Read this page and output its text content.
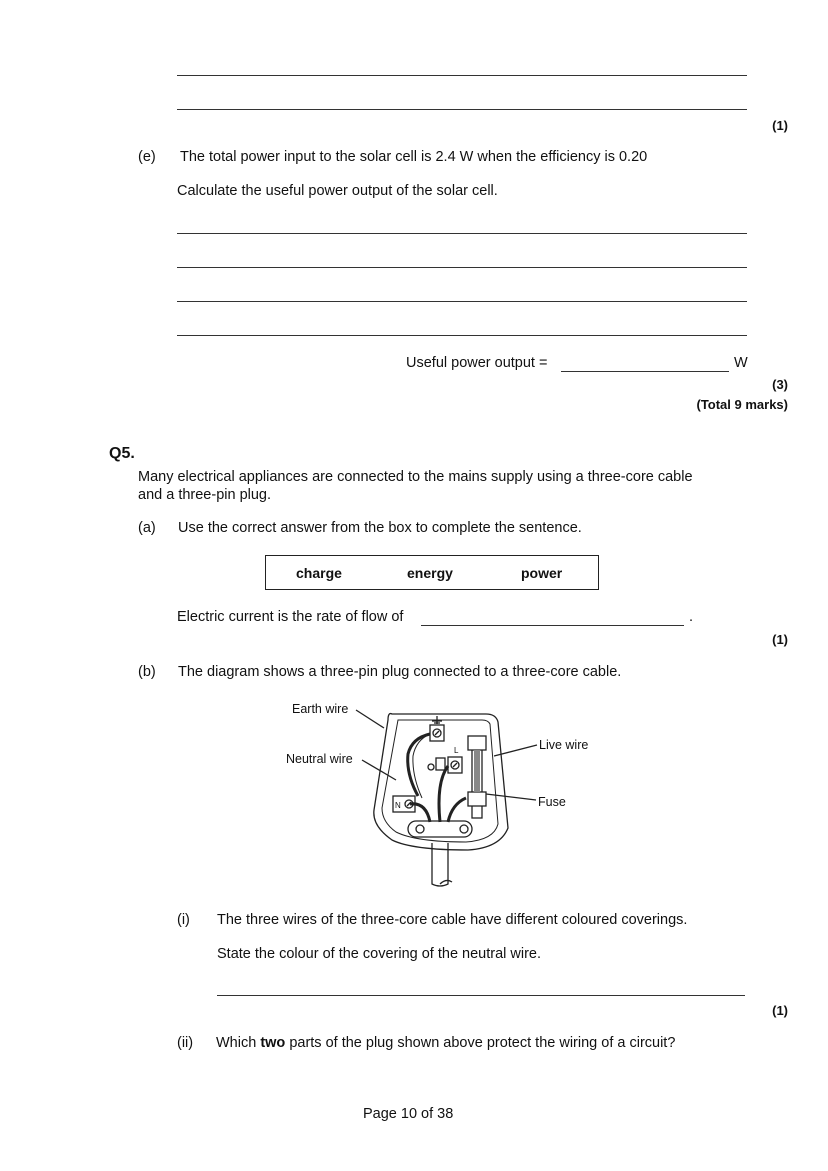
(1)
(e) The total power input to the solar cell is 2.4 W when the efficiency is 0.20
Calculate the useful power output of the solar cell.
Useful power output =	W
(3)
(Total 9 marks)
Q5.
Many electrical appliances are connected to the mains supply using a three-core cable
and a three-pin plug.
(a) Use the correct answer from the box to complete the sentence.
charge	energy	power
Electric current is the rate of flow of	.
(1)
(b) The diagram shows a three-pin plug connected to a three-core cable.
Earth wire
Neutral wire
Live wire
Fuse
L
N
(i) The three wires of the three-core cable have different coloured coverings.
State the colour of the covering of the neutral wire.
(1)
(ii) Which two parts of the plug shown above protect the wiring of a circuit?
Page 10 of 38
